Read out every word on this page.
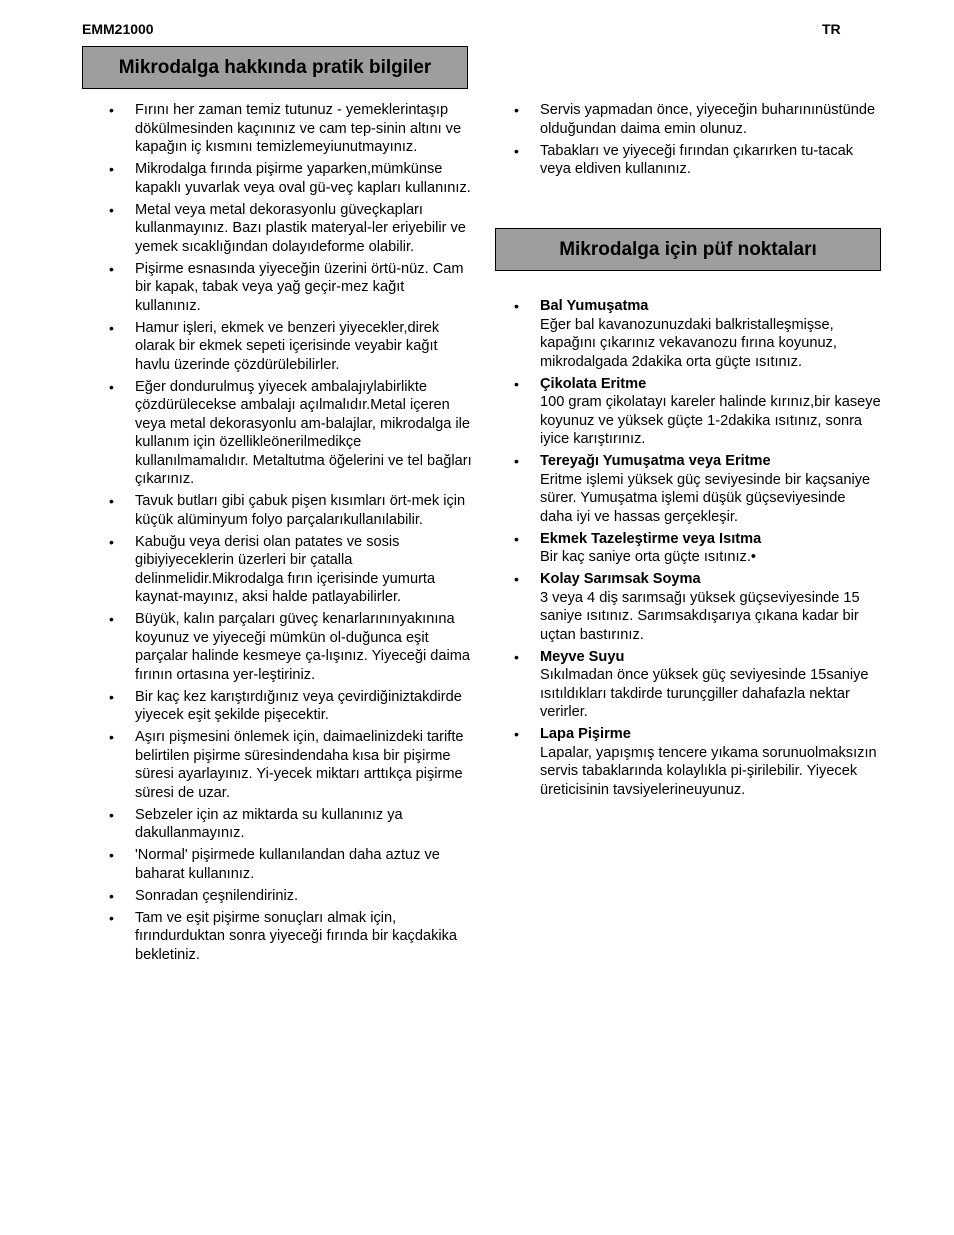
EMM21000	TR
Mikrodalga hakkında pratik bilgiler
• Fırını her zaman temiz tutunuz - yemeklerintaşıp dökülmesinden kaçınınız ve cam tep-sinin altını ve kapağın iç kısmını temizlemeyiunutmayınız.
• Mikrodalga fırında pişirme yaparken,mümkünse kapaklı yuvarlak veya oval gü-veç kapları kullanınız.
• Metal veya metal dekorasyonlu güveçkapları kullanmayınız. Bazı plastik materyal-ler eriyebilir ve yemek sıcaklığından dolayıdeforme olabilir.
• Pişirme esnasında yiyeceğin üzerini örtü-nüz. Cam bir kapak, tabak veya yağ geçir-mez kağıt kullanınız.
• Hamur işleri, ekmek ve benzeri yiyecekler,direk olarak bir ekmek sepeti içerisinde veyabir kağıt havlu üzerinde çözdürülebilirler.
• Eğer dondurulmuş yiyecek ambalajıylabirlikte çözdürülecekse ambalajı açılmalıdır.Metal içeren veya metal dekorasyonlu am-balajlar, mikrodalga ile kullanım için özellikleönerilmedikçe kullanılmamalıdır. Metaltutma öğelerini ve tel bağları çıkarınız.
• Tavuk butları gibi çabuk pişen kısımları ört-mek için küçük alüminyum folyo parçalarıkullanılabilir.
• Kabuğu veya derisi olan patates ve sosis gibiyiyeceklerin üzerleri bir çatalla delinmelidir.Mikrodalga fırın içerisinde yumurta kaynat-mayınız, aksi halde patlayabilirler.
• Büyük, kalın parçaları güveç kenarlarınınyakınına koyunuz ve yiyeceği mümkün ol-duğunca eşit parçalar halinde kesmeye ça-lışınız. Yiyeceği daima fırının ortasına yer-leştiriniz.
• Bir kaç kez karıştırdığınız veya çevirdiğiniztakdirde yiyecek eşit şekilde pişecektir.
• Aşırı pişmesini önlemek için, daimaelinizdeki tarifte belirtilen pişirme süresindendaha kısa bir pişirme süresi ayarlayınız. Yi-yecek miktarı arttıkça pişirme süresi de uzar.
• Sebzeler için az miktarda su kullanınız ya dakullanmayınız.
• 'Normal' pişirmede kullanılandan daha aztuz ve baharat kullanınız.
• Sonradan çeşnilendiriniz.
• Tam ve eşit pişirme sonuçları almak için, fırındurduktan sonra yiyeceği fırında bir kaçdakika bekletiniz.
• Servis yapmadan önce, yiyeceğin buharınınüstünde olduğundan daima emin olunuz.
• Tabakları ve yiyeceği fırından çıkarırken tu-tacak veya eldiven kullanınız.
Mikrodalga için püf noktaları
• Bal Yumuşatma
Eğer bal kavanozunuzdaki balkristalleşmişse, kapağını çıkarınız vekavanozu fırına koyunuz, mikrodalgada 2dakika orta güçte ısıtınız.
• Çikolata Eritme
100 gram çikolatayı kareler halinde kırınız,bir kaseye koyunuz ve yüksek güçte 1-2dakika ısıtınız, sonra iyice karıştırınız.
• Tereyağı Yumuşatma veya Eritme
Eritme işlemi yüksek güç seviyesinde bir kaçsaniye sürer. Yumuşatma işlemi düşük güçseviyesinde daha iyi ve hassas gerçekleşir.
• Ekmek Tazeleştirme veya Isıtma
Bir kaç saniye orta güçte ısıtınız.•
• Kolay Sarımsak Soyma
3 veya 4 diş sarımsağı yüksek güçseviyesinde 15 saniye ısıtınız. Sarımsakdışarıya çıkana kadar bir uçtan bastırınız.
• Meyve Suyu
Sıkılmadan önce yüksek güç seviyesinde 15saniye ısıtıldıkları takdirde turunçgiller dahafazla nektar verirler.
• Lapa Pişirme
Lapalar, yapışmış tencere yıkama sorunuolmaksızın servis tabaklarında kolaylıkla pi-şirilebilir. Yiyecek üreticisinin tavsiyelerineuyunuz.
